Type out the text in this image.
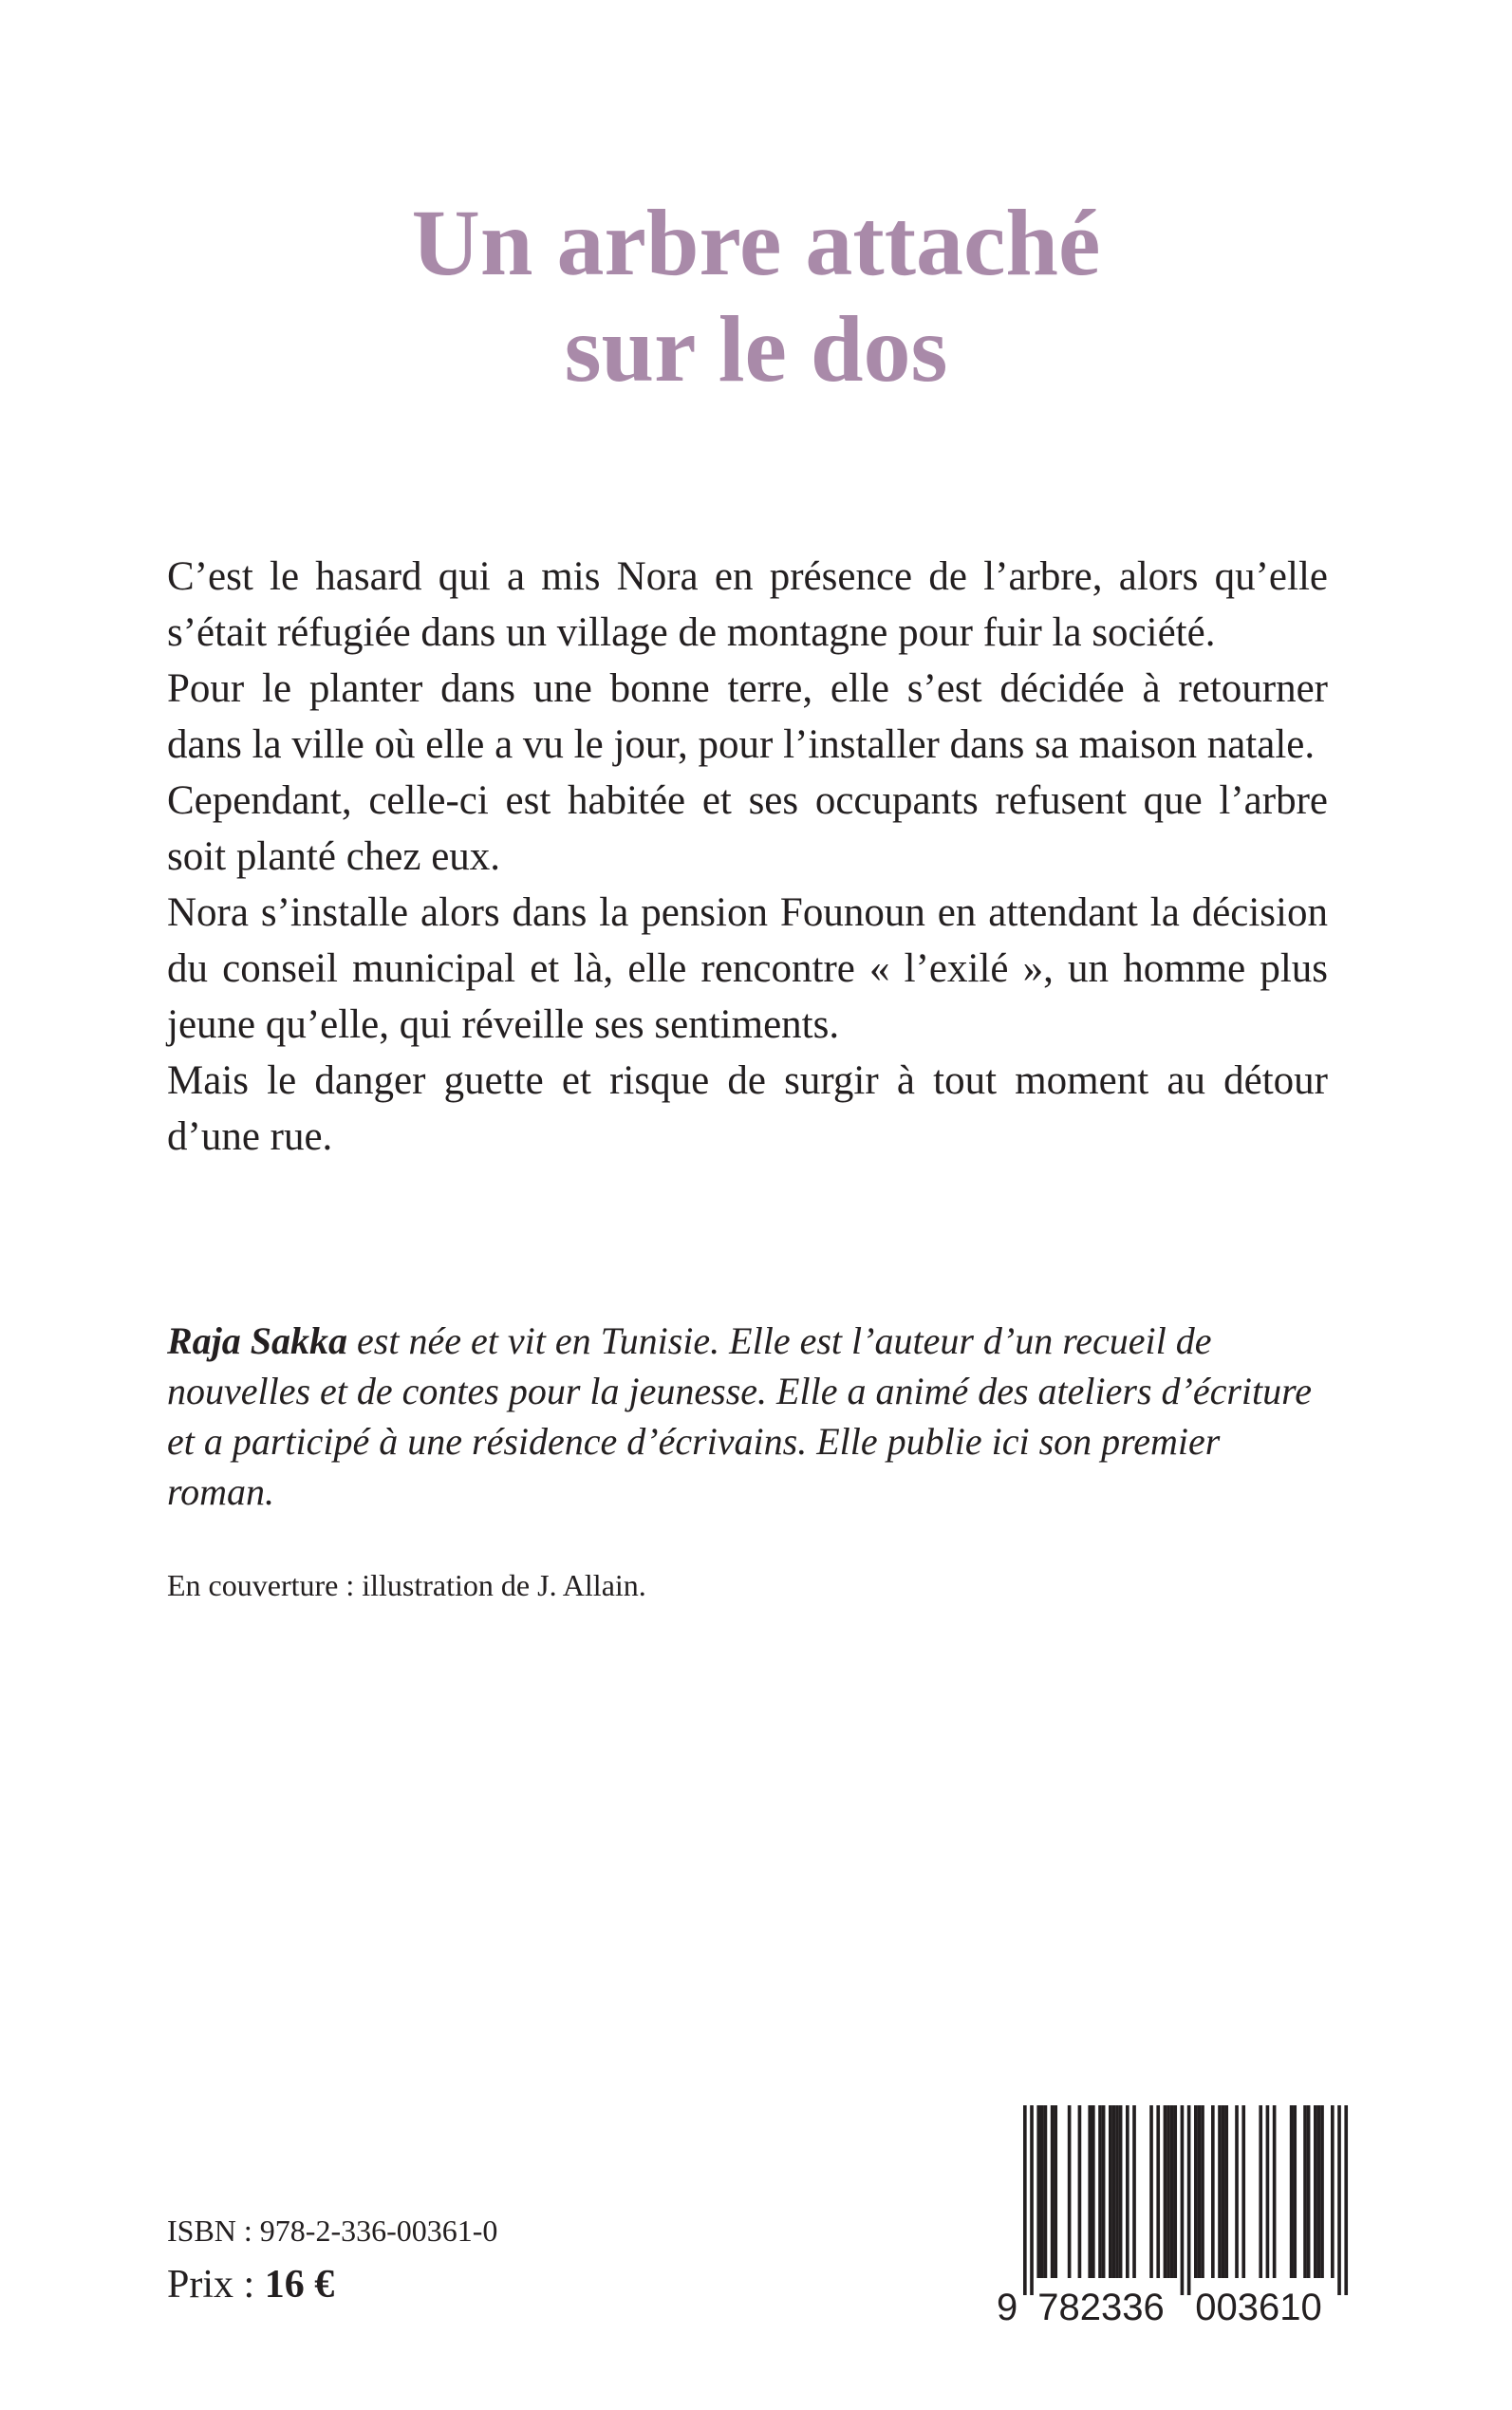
Un arbre attaché
sur le dos

C’est le hasard qui a mis Nora en présence de l’arbre, alors qu’elle s’était réfugiée dans un village de montagne pour fuir la société.

Pour le planter dans une bonne terre, elle s’est décidée à retourner dans la ville où elle a vu le jour, pour l’installer dans sa maison natale.

Cependant, celle-ci est habitée et ses occupants refusent que l’arbre soit planté chez eux.

Nora s’installe alors dans la pension Founoun en attendant la décision du conseil municipal et là, elle rencontre « l’exilé », un homme plus jeune qu’elle, qui réveille ses sentiments.

Mais le danger guette et risque de surgir à tout moment au détour d’une rue.

Raja Sakka est née et vit en Tunisie. Elle est l’auteur d’un recueil de nouvelles et de contes pour la jeunesse. Elle a animé des ateliers d’écriture et a participé à une résidence d’écrivains. Elle publie ici son premier roman.

En couverture : illustration de J. Allain.

ISBN : 978-2-336-00361-0
Prix : 16 €
9 782336 003610
